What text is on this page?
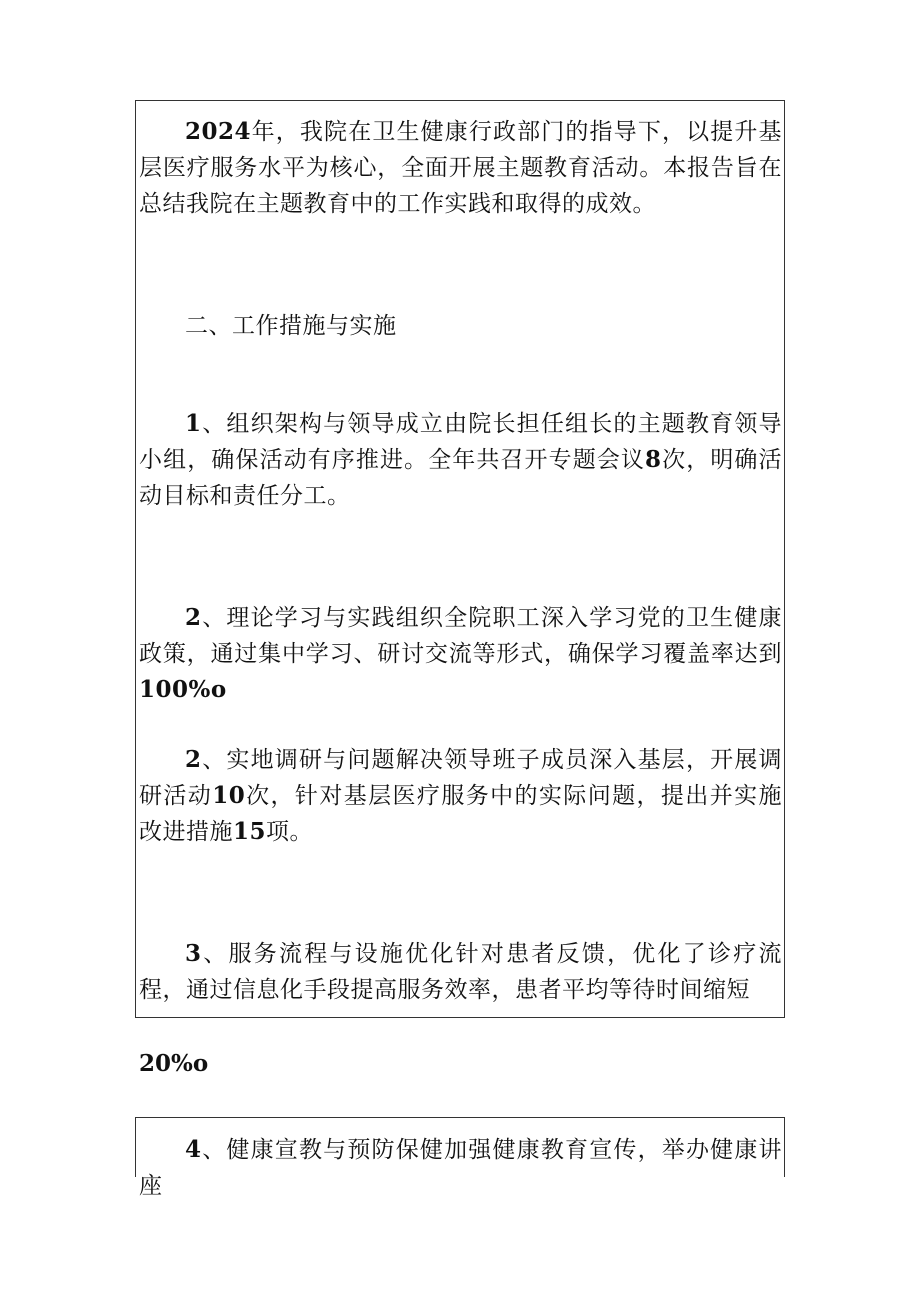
2024年，我院在卫生健康行政部门的指导下，以提升基层医疗服务水平为核心，全面开展主题教育活动。本报告旨在总结我院在主题教育中的工作实践和取得的成效。

二、工作措施与实施

1、组织架构与领导成立由院长担任组长的主题教育领导小组，确保活动有序推进。全年共召开专题会议8次，明确活动目标和责任分工。

2、理论学习与实践组织全院职工深入学习党的卫生健康政策，通过集中学习、研讨交流等形式，确保学习覆盖率达到100%o

2、实地调研与问题解决领导班子成员深入基层，开展调研活动10次，针对基层医疗服务中的实际问题，提出并实施改进措施15项。

3、服务流程与设施优化针对患者反馈，优化了诊疗流程，通过信息化手段提高服务效率，患者平均等待时间缩短

20%o

4、健康宣教与预防保健加强健康教育宣传，举办健康讲座
